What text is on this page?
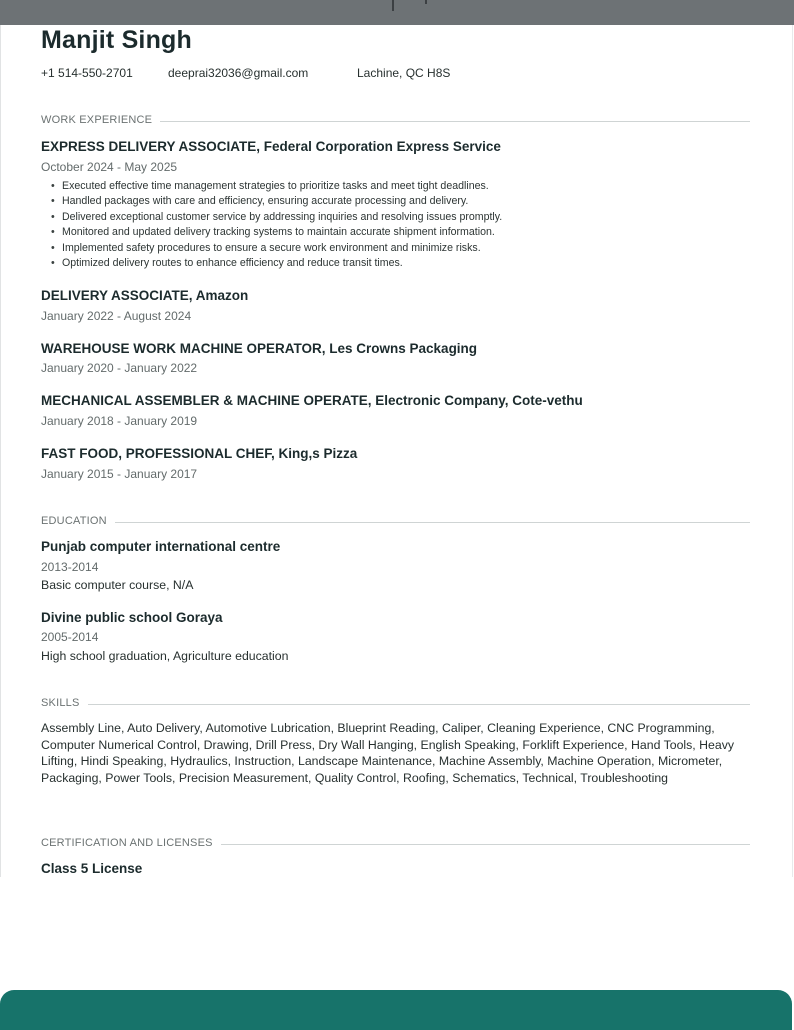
Manjit Singh
+1 514-550-2701	deeprai32036@gmail.com	Lachine, QC H8S
WORK EXPERIENCE
EXPRESS DELIVERY ASSOCIATE, Federal Corporation Express Service
October 2024 - May 2025
• Executed effective time management strategies to prioritize tasks and meet tight deadlines.
• Handled packages with care and efficiency, ensuring accurate processing and delivery.
• Delivered exceptional customer service by addressing inquiries and resolving issues promptly.
• Monitored and updated delivery tracking systems to maintain accurate shipment information.
• Implemented safety procedures to ensure a secure work environment and minimize risks.
• Optimized delivery routes to enhance efficiency and reduce transit times.
DELIVERY ASSOCIATE, Amazon
January 2022 - August 2024
WAREHOUSE WORK MACHINE OPERATOR, Les Crowns Packaging
January 2020 - January 2022
MECHANICAL ASSEMBLER & MACHINE OPERATE, Electronic Company, Cote-vethu
January 2018 - January 2019
FAST FOOD, PROFESSIONAL CHEF, King,s Pizza
January 2015 - January 2017
EDUCATION
Punjab computer international centre
2013-2014
Basic computer course, N/A
Divine public school Goraya
2005-2014
High school graduation, Agriculture education
SKILLS
Assembly Line, Auto Delivery, Automotive Lubrication, Blueprint Reading, Caliper, Cleaning Experience, CNC Programming, Computer Numerical Control, Drawing, Drill Press, Dry Wall Hanging, English Speaking, Forklift Experience, Hand Tools, Heavy Lifting, Hindi Speaking, Hydraulics, Instruction, Landscape Maintenance, Machine Assembly, Machine Operation, Micrometer, Packaging, Power Tools, Precision Measurement, Quality Control, Roofing, Schematics, Technical, Troubleshooting
CERTIFICATION AND LICENSES
Class 5 License
